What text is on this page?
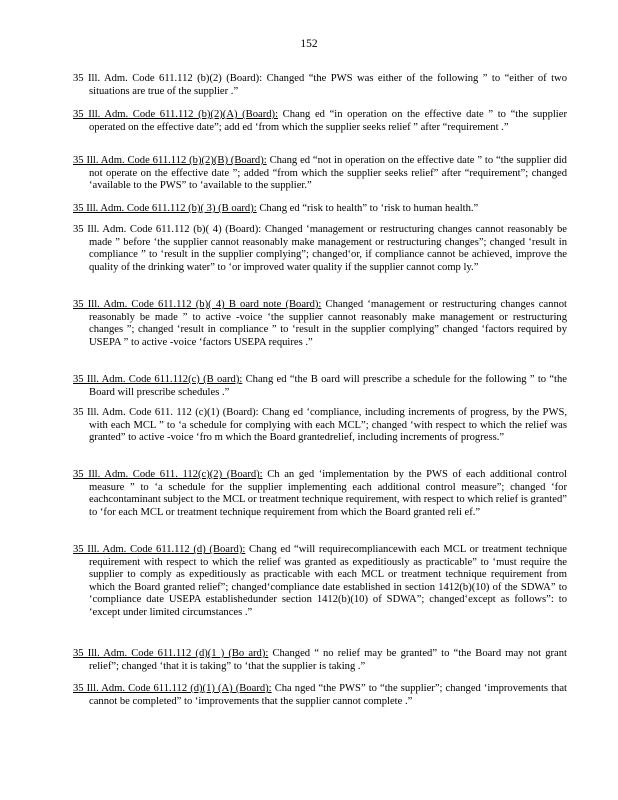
152

35 Ill. Adm. Code 611.112 (b)(2) (Board): Changed “the PWS was either of the following ” to “either of two situations are true of the supplier .”

35 Ill. Adm. Code 611.112 (b)(2)(A) (Board): Chang ed “in operation on the effective date ” to “the supplier operated on the effective date”; add ed ‘from which the supplier seeks relief ” after “requirement .”

35 Ill. Adm. Code 611.112 (b)(2)(B) (Board): Chang ed “not in operation on the effective date ” to “the supplier did not operate on the effective date ”; added “from which the supplier seeks relief” after “requirement”; changed ‘available to the PWS” to ‘available to the supplier.”

35 Ill. Adm. Code 611.112 (b)( 3) (B oard): Chang ed “risk to health” to ‘risk to human health.”

35 Ill. Adm. Code 611.112 (b)( 4) (Board): Changed ‘management or restructuring changes cannot reasonably be made ” before ‘the supplier cannot reasonably make management or restructuring changes”; changed ‘result in compliance ” to ‘result in the supplier complying”; changed‘or, if compliance cannot be achieved, improve the quality of the drinking water” to ‘or improved water quality if the supplier cannot comp ly.”

35 Ill. Adm. Code 611.112 (b)( 4) B oard note (Board): Changed ‘management or restructuring changes cannot reasonably be made ” to active -voice ‘the supplier cannot reasonably make management or restructuring changes ”; changed ‘result in compliance ” to ‘result in the supplier complying” changed ‘factors required by USEPA ” to active -voice ‘factors USEPA requires .”

35 Ill. Adm. Code 611.112(c) (B oard): Chang ed “the B oard will prescribe a schedule for the following ” to “the Board will prescribe schedules .”

35 Ill. Adm. Code 611. 112 (c)(1) (Board): Chang ed ‘compliance, including increments of progress, by the PWS, with each MCL ” to ‘a schedule for complying with each MCL”; changed ‘with respect to which the relief was granted” to active -voice ‘fro m which the Board grantedrelief, including increments of progress.”

35 Ill. Adm. Code 611. 112(c)(2) (Board): Ch an ged ‘implementation by the PWS of each additional control measure ” to ‘a schedule for the supplier implementing each additional control measure”; changed ‘for eachcontaminant subject to the MCL or treatment technique requirement, with respect to which relief is granted” to ‘for each MCL or treatment technique requirement from which the Board granted reli ef.”

35 Ill. Adm. Code 611.112 (d) (Board): Chang ed “will requirecompliancewith each MCL or treatment technique requirement with respect to which the relief was granted as expeditiously as practicable” to ‘must require the supplier to comply as expeditiously as practicable with each MCL or treatment technique requirement from which the Board granted relief”; changed‘compliance date established in section 1412(b)(10) of the SDWA” to ‘compliance date USEPA establishedunder section 1412(b)(10) of SDWA”; changed‘except as follows”: to ‘except under limited circumstances .”

35 Ill. Adm. Code 611.112 (d)(1 ) (Bo ard): Changed “ no relief may be granted” to “the Board may not grant relief”; changed ‘that it is taking” to ‘that the supplier is taking .”

35 Ill. Adm. Code 611.112 (d)(1) (A) (Board): Cha nged “the PWS” to “the supplier”; changed ‘improvements that cannot be completed” to ‘improvements that the supplier cannot complete .”
